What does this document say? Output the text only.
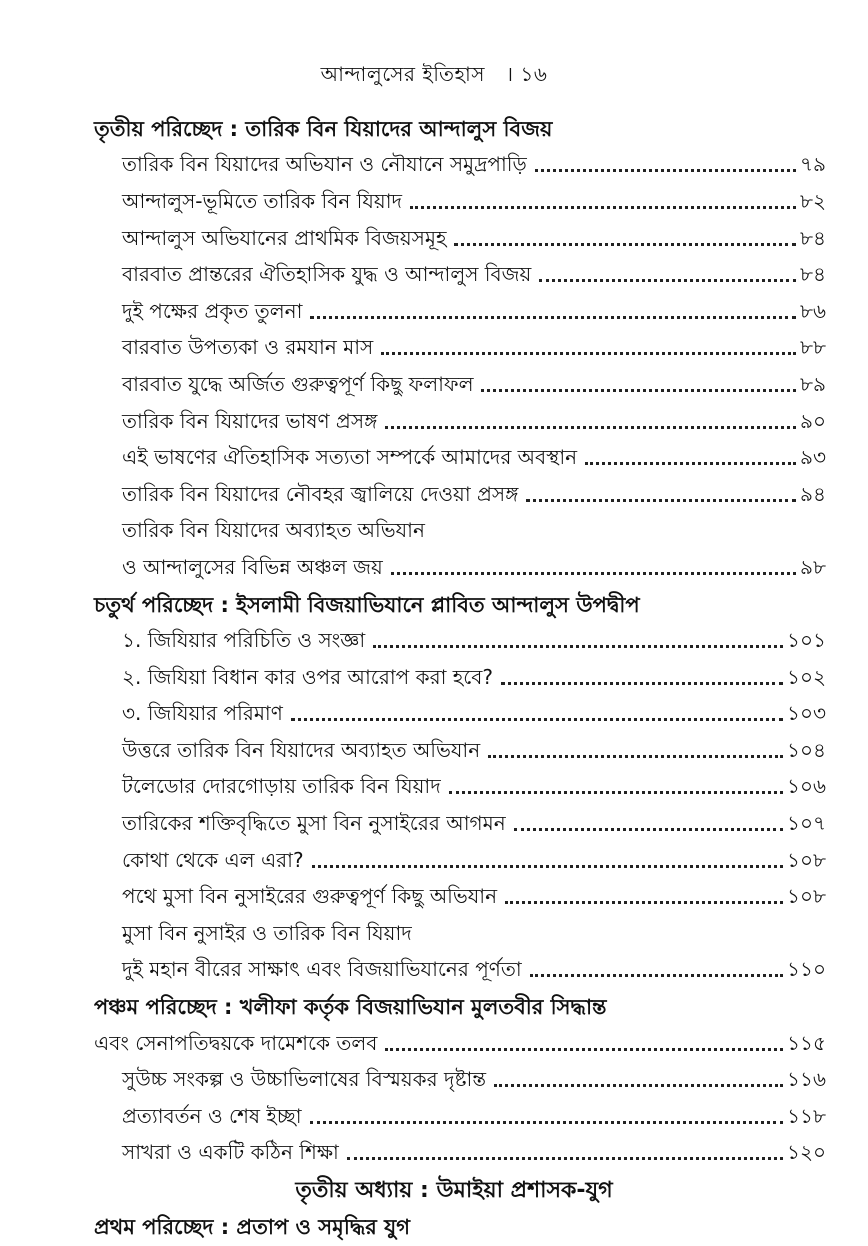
আন্দালুসের ইতিহাস । ১৬
তৃতীয় পরিচ্ছেদ : তারিক বিন যিয়াদের আন্দালুস বিজয়
তারিক বিন যিয়াদের অভিযান ও নৌযানে সমুদ্রপাড়ি	৭৯
আন্দালুস-ভূমিতে তারিক বিন যিয়াদ	৮২
আন্দালুস অভিযানের প্রাথমিক বিজয়সমূহ	৮৪
বারবাত প্রান্তরের ঐতিহাসিক যুদ্ধ ও আন্দালুস বিজয়	৮৪
দুই পক্ষের প্রকৃত তুলনা	৮৬
বারবাত উপত্যকা ও রমযান মাস	৮৮
বারবাত যুদ্ধে অর্জিত গুরুত্বপূর্ণ কিছু ফলাফল	৮৯
তারিক বিন যিয়াদের ভাষণ প্রসঙ্গ	৯০
এই ভাষণের ঐতিহাসিক সত্যতা সম্পর্কে আমাদের অবস্থান	৯৩
তারিক বিন যিয়াদের নৌবহর জ্বালিয়ে দেওয়া প্রসঙ্গ	৯৪
তারিক বিন যিয়াদের অব্যাহত অভিযান
ও আন্দালুসের বিভিন্ন অঞ্চল জয়	৯৮
চতুর্থ পরিচ্ছেদ : ইসলামী বিজয়াভিযানে প্লাবিত আন্দালুস উপদ্বীপ
১. জিযিয়ার পরিচিতি ও সংজ্ঞা	১০১
২. জিযিয়া বিধান কার ওপর আরোপ করা হবে?	১০২
৩. জিযিয়ার পরিমাণ	১০৩
উত্তরে তারিক বিন যিয়াদের অব্যাহত অভিযান	১০৪
টলেডোর দোরগোড়ায় তারিক বিন যিয়াদ	১০৬
তারিকের শক্তিবৃদ্ধিতে মুসা বিন নুসাইরের আগমন	১০৭
কোথা থেকে এল এরা?	১০৮
পথে মুসা বিন নুসাইরের গুরুত্বপূর্ণ কিছু অভিযান	১০৮
মুসা বিন নুসাইর ও তারিক বিন যিয়াদ
দুই মহান বীরের সাক্ষাৎ এবং বিজয়াভিযানের পূর্ণতা	১১০
পঞ্চম পরিচ্ছেদ : খলীফা কর্তৃক বিজয়াভিযান মুলতবীর সিদ্ধান্ত
এবং সেনাপতিদ্বয়কে দামেশকে তলব	১১৫
সুউচ্চ সংকল্প ও উচ্চাভিলাষের বিস্ময়কর দৃষ্টান্ত	১১৬
প্রত্যাবর্তন ও শেষ ইচ্ছা	১১৮
সাখরা ও একটি কঠিন শিক্ষা	১২০
তৃতীয় অধ্যায় : উমাইয়া প্রশাসক-যুগ
প্রথম পরিচ্ছেদ : প্রতাপ ও সমৃদ্ধির যুগ
